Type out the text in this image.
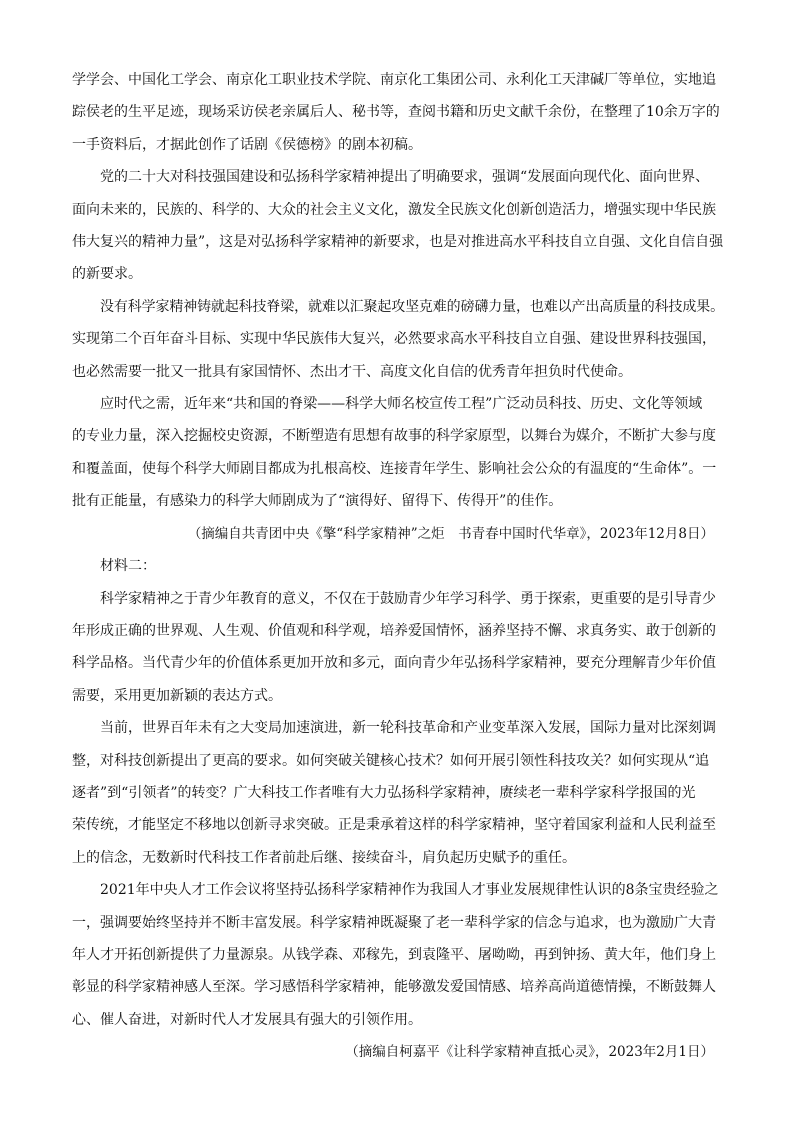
学学会、中国化工学会、南京化工职业技术学院、南京化工集团公司、永利化工天津碱厂等单位，实地追
踪侯老的生平足迹，现场采访侯老亲属后人、秘书等，查阅书籍和历史文献千余份，在整理了10余万字的
一手资料后，才据此创作了话剧《侯德榜》的剧本初稿。

党的二十大对科技强国建设和弘扬科学家精神提出了明确要求，强调“发展面向现代化、面向世界、
面向未来的，民族的、科学的、大众的社会主义文化，激发全民族文化创新创造活力，增强实现中华民族
伟大复兴的精神力量”，这是对弘扬科学家精神的新要求，也是对推进高水平科技自立自强、文化自信自强
的新要求。

没有科学家精神铸就起科技脊梁，就难以汇聚起攻坚克难的磅礴力量，也难以产出高质量的科技成果。
实现第二个百年奋斗目标、实现中华民族伟大复兴，必然要求高水平科技自立自强、建设世界科技强国，
也必然需要一批又一批具有家国情怀、杰出才干、高度文化自信的优秀青年担负时代使命。

应时代之需，近年来“共和国的脊梁——科学大师名校宣传工程”广泛动员科技、历史、文化等领域
的专业力量，深入挖掘校史资源，不断塑造有思想有故事的科学家原型，以舞台为媒介，不断扩大参与度
和覆盖面，使每个科学大师剧目都成为扎根高校、连接青年学生、影响社会公众的有温度的“生命体”。一
批有正能量，有感染力的科学大师剧成为了“演得好、留得下、传得开”的佳作。

（摘编自共青团中央《擎“科学家精神”之炬　书青春中国时代华章》，2023年12月8日）

材料二：

科学家精神之于青少年教育的意义，不仅在于鼓励青少年学习科学、勇于探索，更重要的是引导青少
年形成正确的世界观、人生观、价值观和科学观，培养爱国情怀，涵养坚持不懈、求真务实、敢于创新的
科学品格。当代青少年的价值体系更加开放和多元，面向青少年弘扬科学家精神，要充分理解青少年价值
需要，采用更加新颖的表达方式。

当前，世界百年未有之大变局加速演进，新一轮科技革命和产业变革深入发展，国际力量对比深刻调
整，对科技创新提出了更高的要求。如何突破关键核心技术？如何开展引领性科技攻关？如何实现从“追
逐者”到“引领者”的转变？广大科技工作者唯有大力弘扬科学家精神，赓续老一辈科学家科学报国的光
荣传统，才能坚定不移地以创新寻求突破。正是秉承着这样的科学家精神，坚守着国家利益和人民利益至
上的信念，无数新时代科技工作者前赴后继、接续奋斗，肩负起历史赋予的重任。

2021年中央人才工作会议将坚持弘扬科学家精神作为我国人才事业发展规律性认识的8条宝贵经验之
一，强调要始终坚持并不断丰富发展。科学家精神既凝聚了老一辈科学家的信念与追求，也为激励广大青
年人才开拓创新提供了力量源泉。从钱学森、邓稼先，到袁隆平、屠呦呦，再到钟扬、黄大年，他们身上
彰显的科学家精神感人至深。学习感悟科学家精神，能够激发爱国情感、培养高尚道德情操，不断鼓舞人
心、催人奋进，对新时代人才发展具有强大的引领作用。

（摘编自柯嘉平《让科学家精神直抵心灵》，2023年2月1日）
